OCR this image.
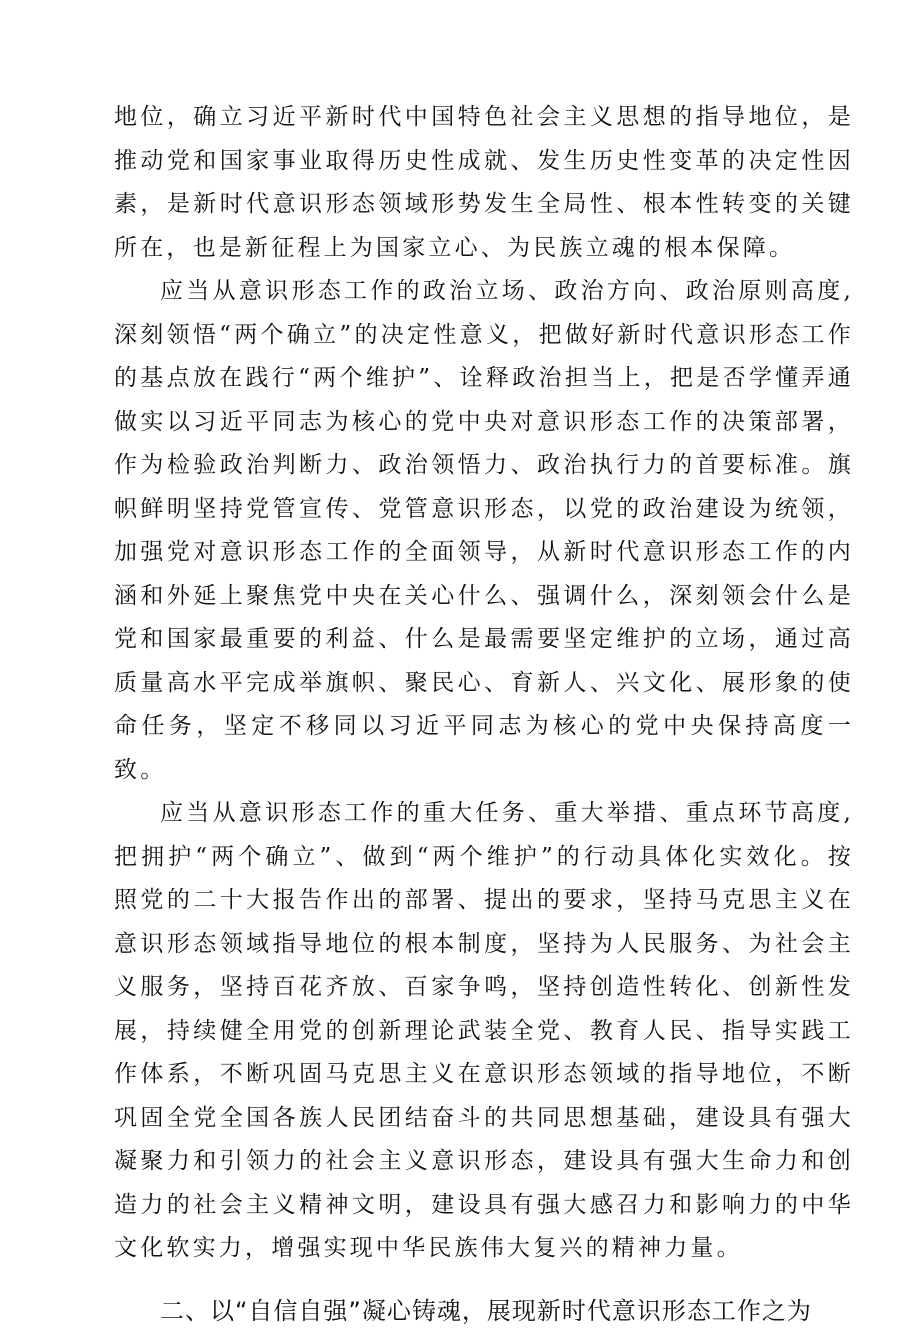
地位，确立习近平新时代中国特色社会主义思想的指导地位，是推动党和国家事业取得历史性成就、发生历史性变革的决定性因素，是新时代意识形态领域形势发生全局性、根本性转变的关键所在，也是新征程上为国家立心、为民族立魂的根本保障。

应当从意识形态工作的政治立场、政治方向、政治原则高度,深刻领悟“两个确立”的决定性意义，把做好新时代意识形态工作的基点放在践行“两个维护”、诠释政治担当上，把是否学懂弄通做实以习近平同志为核心的党中央对意识形态工作的决策部署，作为检验政治判断力、政治领悟力、政治执行力的首要标准。旗帜鲜明坚持党管宣传、党管意识形态，以党的政治建设为统领，加强党对意识形态工作的全面领导，从新时代意识形态工作的内涵和外延上聚焦党中央在关心什么、强调什么，深刻领会什么是党和国家最重要的利益、什么是最需要坚定维护的立场，通过高质量高水平完成举旗帜、聚民心、育新人、兴文化、展形象的使命任务，坚定不移同以习近平同志为核心的党中央保持高度一致。

应当从意识形态工作的重大任务、重大举措、重点环节高度,把拥护“两个确立”、做到“两个维护”的行动具体化实效化。按照党的二十大报告作出的部署、提出的要求，坚持马克思主义在意识形态领域指导地位的根本制度，坚持为人民服务、为社会主义服务，坚持百花齐放、百家争鸣，坚持创造性转化、创新性发展，持续健全用党的创新理论武装全党、教育人民、指导实践工作体系，不断巩固马克思主义在意识形态领域的指导地位，不断巩固全党全国各族人民团结奋斗的共同思想基础，建设具有强大凝聚力和引领力的社会主义意识形态，建设具有强大生命力和创造力的社会主义精神文明，建设具有强大感召力和影响力的中华文化软实力，增强实现中华民族伟大复兴的精神力量。

二、以“自信自强”凝心铸魂，展现新时代意识形态工作之为
